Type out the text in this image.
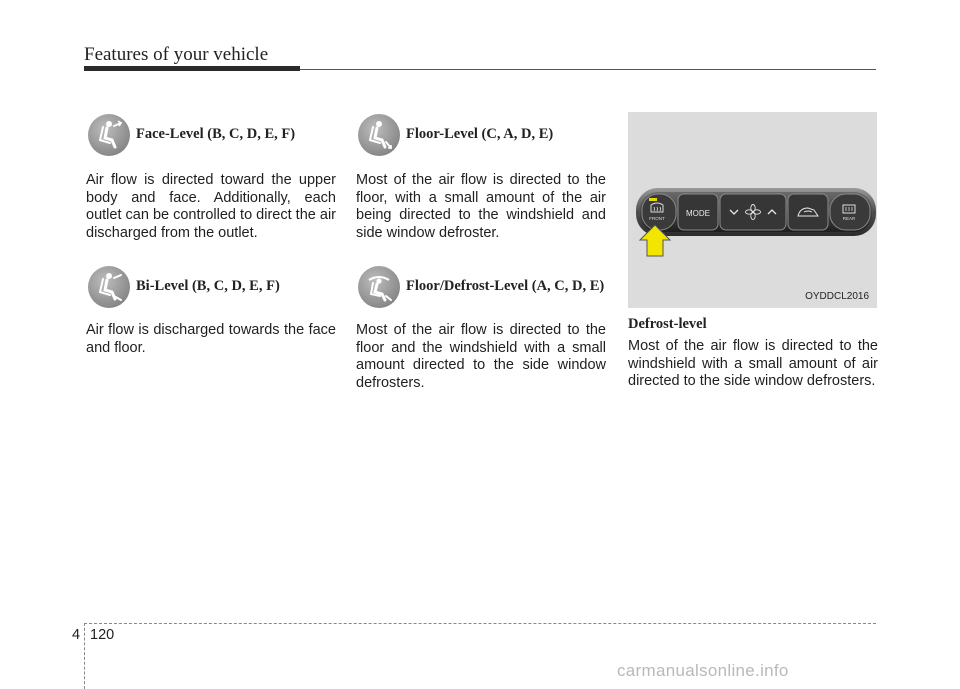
Features of your vehicle
Face-Level (B, C, D, E, F)

Air flow is directed toward the upper body and face. Additionally, each outlet can be controlled to direct the air discharged from the outlet.

Bi-Level (B, C, D, E, F)

Air flow is discharged towards the face and floor.

Floor-Level (C, A, D, E)

Most of the air flow is directed to the floor, with a small amount of the air being directed to the windshield and side window defroster.

Floor/Defrost-Level (A, C, D, E)

Most of the air flow is directed to the floor and the windshield with a small amount directed to the side window defrosters.

FRONT
MODE
REAR
OYDDCL2016
Defrost-level

Most of the air flow is directed to the windshield with a small amount of air directed to the side window defrosters.

4 120
carmanualsonline.info
